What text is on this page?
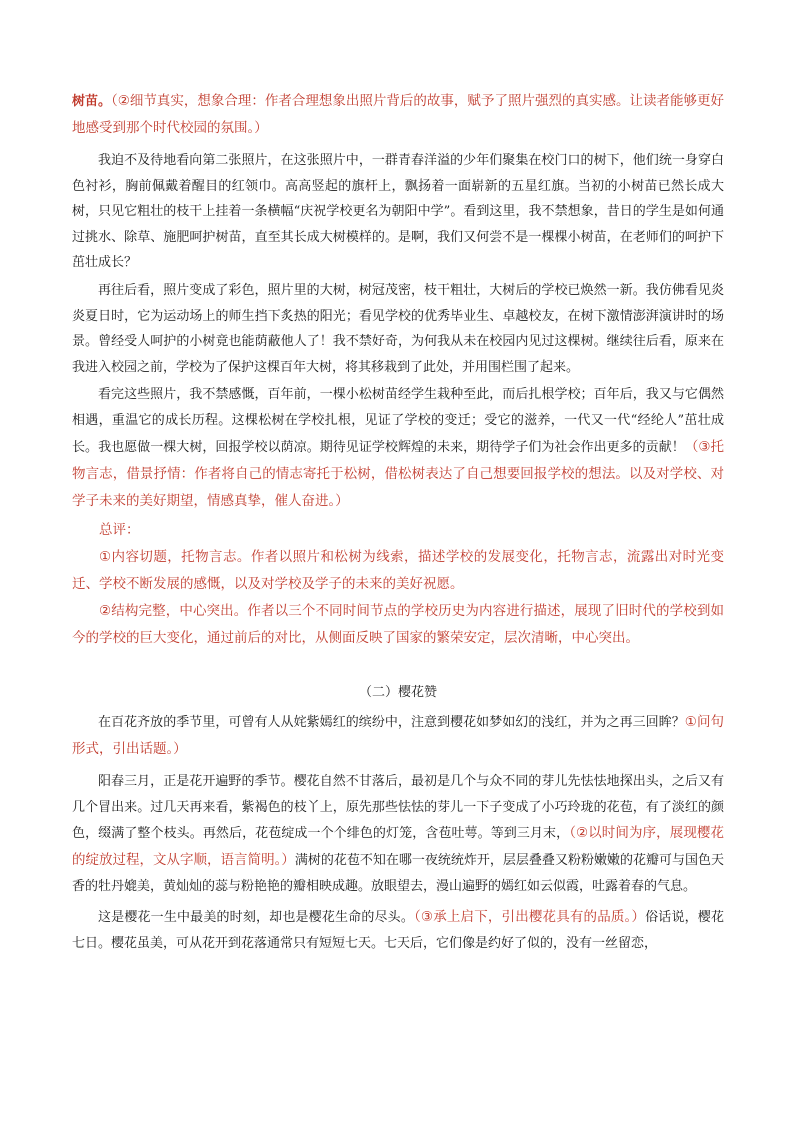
树苗。（②细节真实，想象合理：作者合理想象出照片背后的故事，赋予了照片强烈的真实感。让读者能够更好地感受到那个时代校园的氛围。）

我迫不及待地看向第二张照片，在这张照片中，一群青春洋溢的少年们聚集在校门口的树下，他们统一身穿白色衬衫，胸前佩戴着醒目的红领巾。高高竖起的旗杆上，飘扬着一面崭新的五星红旗。当初的小树苗已然长成大树，只见它粗壮的枝干上挂着一条横幅“庆祝学校更名为朝阳中学”。看到这里，我不禁想象，昔日的学生是如何通过挑水、除草、施肥呵护树苗，直至其长成大树模样的。是啊，我们又何尝不是一棵棵小树苗，在老师们的呵护下茁壮成长？

再往后看，照片变成了彩色，照片里的大树，树冠茂密，枝干粗壮，大树后的学校已焕然一新。我仿佛看见炎炎夏日时，它为运动场上的师生挡下炙热的阳光；看见学校的优秀毕业生、卓越校友，在树下激情澎湃演讲时的场景。曾经受人呵护的小树竟也能荫蔽他人了！我不禁好奇，为何我从未在校园内见过这棵树。继续往后看，原来在我进入校园之前，学校为了保护这棵百年大树，将其移栽到了此处，并用围栏围了起来。

看完这些照片，我不禁感慨，百年前，一棵小松树苗经学生栽种至此，而后扎根学校；百年后，我又与它偶然相遇，重温它的成长历程。这棵松树在学校扎根，见证了学校的变迁；受它的滋养，一代又一代“经纶人”茁壮成长。我也愿做一棵大树，回报学校以荫凉。期待见证学校辉煌的未来，期待学子们为社会作出更多的贡献！（③托物言志，借景抒情：作者将自己的情志寄托于松树，借松树表达了自己想要回报学校的想法。以及对学校、对学子未来的美好期望，情感真挚，催人奋进。）

总评：

①内容切题，托物言志。作者以照片和松树为线索，描述学校的发展变化，托物言志，流露出对时光变迁、学校不断发展的感慨，以及对学校及学子的未来的美好祝愿。

②结构完整，中心突出。作者以三个不同时间节点的学校历史为内容进行描述，展现了旧时代的学校到如今的学校的巨大变化，通过前后的对比，从侧面反映了国家的繁荣安定，层次清晰，中心突出。

（二）樱花赞

在百花齐放的季节里，可曾有人从姹紫嫣红的缤纷中，注意到樱花如梦如幻的浅红，并为之再三回眸？①问句形式，引出话题。）

阳春三月，正是花开遍野的季节。樱花自然不甘落后，最初是几个与众不同的芽儿先怯怯地探出头，之后又有几个冒出来。过几天再来看，紫褐色的枝丫上，原先那些怯怯的芽儿一下子变成了小巧玲珑的花苞，有了淡红的颜色，缀满了整个枝头。再然后，花苞绽成一个个绯色的灯笼，含苞吐萼。等到三月末，（②以时间为序，展现樱花的绽放过程，文从字顺，语言简明。）满树的花苞不知在哪一夜统统炸开，层层叠叠又粉粉嫩嫩的花瓣可与国色天香的牡丹媲美，黄灿灿的蕊与粉艳艳的瓣相映成趣。放眼望去，漫山遍野的嫣红如云似霞，吐露着春的气息。

这是樱花一生中最美的时刻，却也是樱花生命的尽头。（③承上启下，引出樱花具有的品质。）俗话说，樱花七日。樱花虽美，可从花开到花落通常只有短短七天。七天后，它们像是约好了似的，没有一丝留恋，
